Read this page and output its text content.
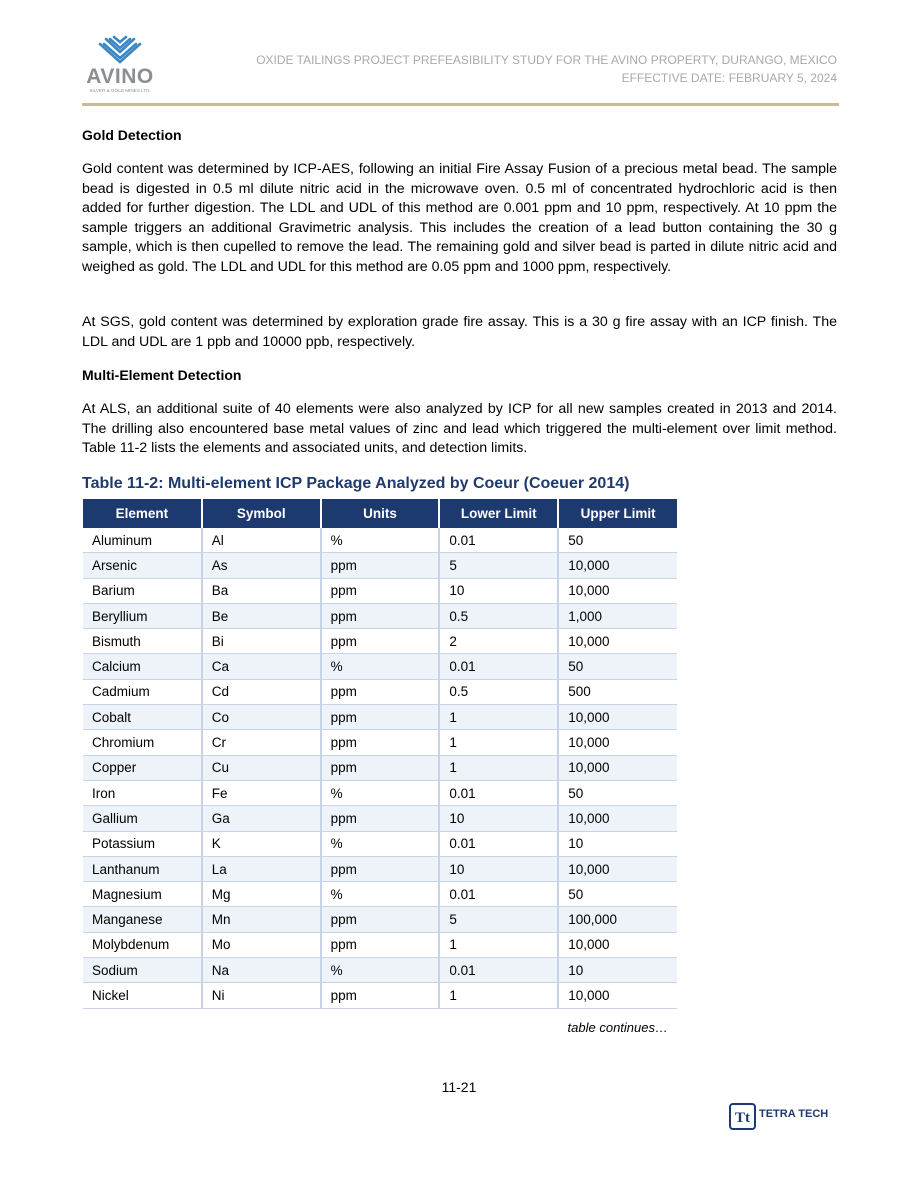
AVINO
SILVER & GOLD MINES LTD.
OXIDE TAILINGS PROJECT PREFEASIBILITY STUDY FOR THE AVINO PROPERTY, DURANGO, MEXICO
EFFECTIVE DATE: FEBRUARY 5, 2024
Gold Detection

Gold content was determined by ICP-AES, following an initial Fire Assay Fusion of a precious metal bead. The sample bead is digested in 0.5 ml dilute nitric acid in the microwave oven. 0.5 ml of concentrated hydrochloric acid is then added for further digestion. The LDL and UDL of this method are 0.001 ppm and 10 ppm, respectively. At 10 ppm the sample triggers an additional Gravimetric analysis. This includes the creation of a lead button containing the 30 g sample, which is then cupelled to remove the lead. The remaining gold and silver bead is parted in dilute nitric acid and weighed as gold. The LDL and UDL for this method are 0.05 ppm and 1000 ppm, respectively.

At SGS, gold content was determined by exploration grade fire assay. This is a 30 g fire assay with an ICP finish. The LDL and UDL are 1 ppb and 10000 ppb, respectively.

Multi-Element Detection

At ALS, an additional suite of 40 elements were also analyzed by ICP for all new samples created in 2013 and 2014. The drilling also encountered base metal values of zinc and lead which triggered the multi-element over limit method. Table 11-2 lists the elements and associated units, and detection limits.

Table 11-2: Multi-element ICP Package Analyzed by Coeur (Coeuer 2014)
Element	Symbol	Units	Lower Limit	Upper Limit
Aluminum	Al	%	0.01	50
Arsenic	As	ppm	5	10,000
Barium	Ba	ppm	10	10,000
Beryllium	Be	ppm	0.5	1,000
Bismuth	Bi	ppm	2	10,000
Calcium	Ca	%	0.01	50
Cadmium	Cd	ppm	0.5	500
Cobalt	Co	ppm	1	10,000
Chromium	Cr	ppm	1	10,000
Copper	Cu	ppm	1	10,000
Iron	Fe	%	0.01	50
Gallium	Ga	ppm	10	10,000
Potassium	K	%	0.01	10
Lanthanum	La	ppm	10	10,000
Magnesium	Mg	%	0.01	50
Manganese	Mn	ppm	5	100,000
Molybdenum	Mo	ppm	1	10,000
Sodium	Na	%	0.01	10
Nickel	Ni	ppm	1	10,000
table continues…
11-21
Tt TETRA TECH
